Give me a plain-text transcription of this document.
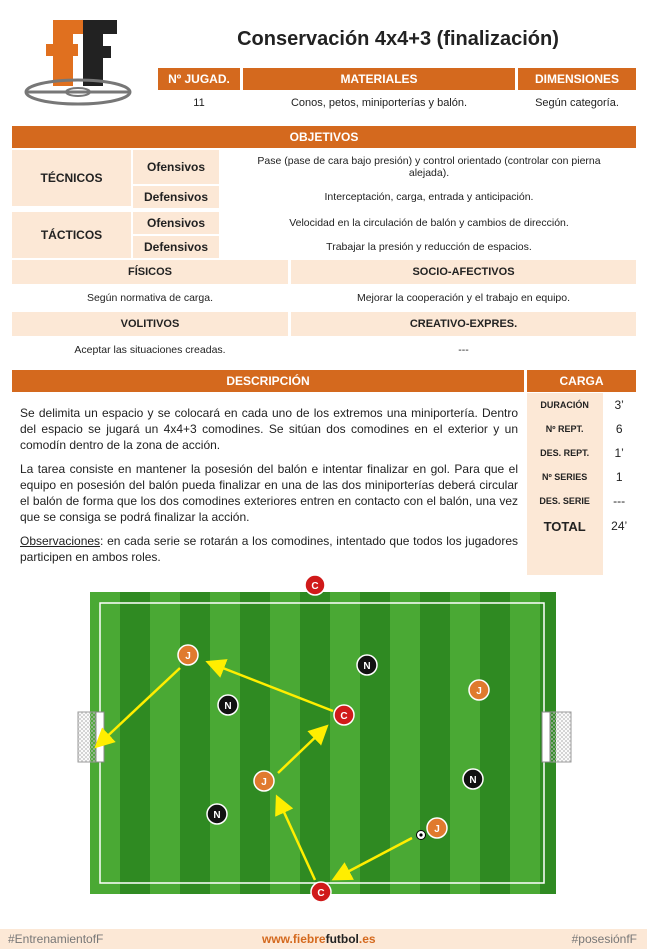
Conservación 4x4+3 (finalización)
Nº JUGAD.	MATERIALES	DIMENSIONES
11	Conos, petos, miniporterías y balón.	Según categoría.
OBJETIVOS
TÉCNICOS
Ofensivos	Pase (pase de cara bajo presión) y control orientado (controlar con pierna alejada).
Defensivos	Interceptación, carga, entrada y anticipación.
TÁCTICOS
Ofensivos	Velocidad en la circulación de balón y cambios de dirección.
Defensivos	Trabajar la presión y reducción de espacios.
FÍSICOS	SOCIO-AFECTIVOS
Según normativa de carga.	Mejorar la cooperación y el trabajo en equipo.
VOLITIVOS	CREATIVO-EXPRES.
Aceptar las situaciones creadas.	---
DESCRIPCIÓN

Se delimita un espacio y se colocará en cada uno de los extremos una miniportería. Dentro del espacio se jugará un 4x4+3 comodines. Se sitúan dos comodines en el exterior y un comodín dentro de la zona de acción.

La tarea consiste en mantener la posesión del balón e intentar finalizar en gol. Para que el equipo en posesión del balón pueda finalizar en una de las dos miniporterías deberá circular el balón de forma que los dos comodines exteriores entren en contacto con el balón, una vez que se consiga se podrá finalizar la acción.

Observaciones: en cada serie se rotarán a los comodines, intentado que todos los jugadores participen en ambos roles.

CARGA
DURACIÓN	3’
Nº REPT.	6
DES. REPT.	1’
Nº SERIES	1
DES. SERIE	---
TOTAL	24’
C
C
C
J
J
J
J
N
N
N
N
#EntrenamientofF	www.fiebrefutbol.es	#posesiónfF
